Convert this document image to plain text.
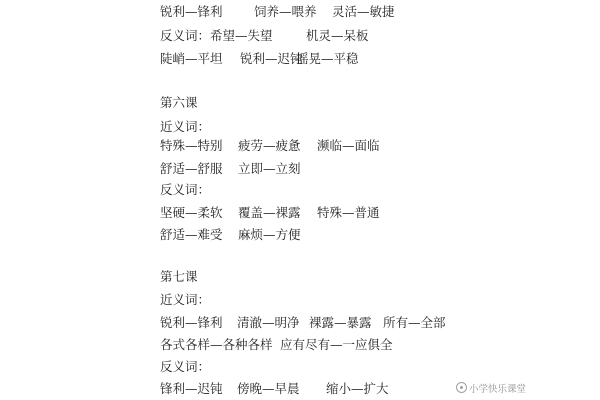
锐利—锋利	饲养—喂养 灵活—敏捷
反义词：希望—失望	机灵—呆板
陡峭—平坦 锐利—迟钝
摇晃—平稳
第六课
近义词：
特殊—特别 疲劳—疲惫 濒临—面临
舒适—舒服 立即—立刻
反义词：
坚硬—柔软 覆盖—裸露 特殊—普通
舒适—难受 麻烦—方便
第七课
近义词：
锐利—锋利 清澈—明净 裸露—暴露 所有—全部
各式各样—各种各样 应有尽有—一应俱全
反义词：
锋利—迟钝 傍晚—早晨 缩小—扩大	小学快乐课堂
